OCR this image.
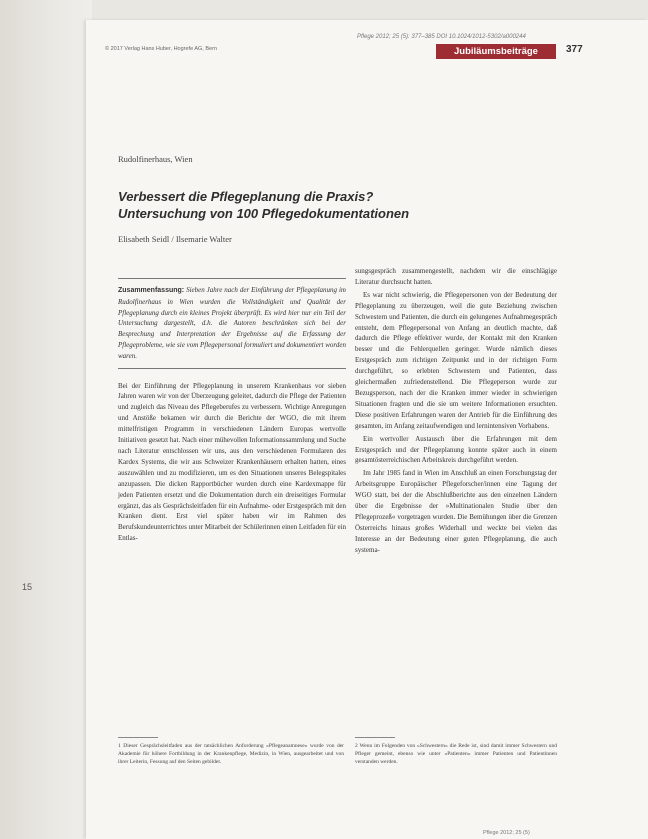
15
© 2017 Verlag Hans Huber, Hogrefe AG, Bern
Pflege 2012; 25 (5): 377–385 DOI 10.1024/1012-5302/a000244
Jubiläumsbeiträge	377
Rudolfinerhaus, Wien
Verbessert die Pflegeplanung die Praxis?
Untersuchung von 100 Pflegedokumentationen
Elisabeth Seidl / Ilsemarie Walter
Zusammenfassung: Sieben Jahre nach der Einführung der Pflegeplanung im Rudolfinerhaus in Wien wurden die Vollständigkeit und Qualität der Pflegeplanung durch ein kleines Projekt überprüft. Es wird hier nur ein Teil der Untersuchung dargestellt, d.h. die Autoren beschränken sich bei der Besprechung und Interpretation der Ergebnisse auf die Erfassung der Pflegeprobleme, wie sie vom Pflegepersonal formuliert und dokumentiert worden waren.

Bei der Einführung der Pflegeplanung in unserem Krankenhaus vor sieben Jahren waren wir von der Überzeugung geleitet, dadurch die Pflege der Patienten und zugleich das Niveau des Pflegeberufes zu verbessern. Wichtige Anregungen und Anstöße bekamen wir durch die Berichte der WGO, die mit ihrem mittelfristigen Programm in verschiedenen Ländern Europas wertvolle Initiativen gesetzt hat. Nach einer mühevollen Informationssammlung und Suche nach Literatur entschlossen wir uns, aus den verschiedenen Formularen des Kardex Systems, die wir aus Schweizer Krankenhäusern erhalten hatten, eines auszuwählen und zu modifizieren, um es den Situationen unseres Belegspitales anzupassen. Die dicken Rapportbücher wurden durch eine Kardexmappe für jeden Patienten ersetzt und die Dokumentation durch ein dreiseitiges Formular ergänzt, das als Gesprächsleitfaden für ein Aufnahme- oder Erstgespräch mit den Kranken dient. Erst viel später haben wir im Rahmen des Berufskundeunterrichtes unter Mitarbeit der Schülerinnen einen Leitfaden für ein Entlas-

sungsgespräch zusammengestellt, nachdem wir die einschlägige Literatur durchsucht hatten.

Es war nicht schwierig, die Pflegepersonen von der Bedeutung der Pflegeplanung zu überzeugen, weil die gute Beziehung zwischen Schwestern und Patienten, die durch ein gelungenes Aufnahmegespräch entsteht, dem Pflegepersonal von Anfang an deutlich machte, daß dadurch die Pflege effektiver wurde, der Kontakt mit den Kranken besser und die Fehlerquellen geringer. Wurde nämlich dieses Erstgespräch zum richtigen Zeitpunkt und in der richtigen Form durchgeführt, so erlebten Schwestern und Patienten, dass gleichermaßen zufriedenstellend. Die Pflegeperson wurde zur Bezugsperson, nach der die Kranken immer wieder in schwierigen Situationen fragten und die sie um weitere Informationen ersuchten. Diese positiven Erfahrungen waren der Antrieb für die Einführung des gesamten, im Anfang zeitaufwendigen und lernintensiven Vorhabens.

Ein wertvoller Austausch über die Erfahrungen mit dem Erstgespräch und der Pflegeplanung konnte später auch in einem gesamtösterreichischen Arbeitskreis durchgeführt werden.

Im Jahr 1985 fand in Wien im Anschluß an einen Forschungstag der Arbeitsgruppe Europäischer Pflegeforscher/innen eine Tagung der WGO statt, bei der die Abschlußberichte aus den einzelnen Ländern über die Ergebnisse der »Multinationalen Studie über den Pflegeprozeß« vorgetragen wurden. Die Bemühungen über die Grenzen Österreichs hinaus großes Widerhall und weckte bei vielen das Interesse an der Bedeutung einer guten Pflegeplanung, die auch systema-

1 Dieser Gesprächsleitfaden aus der tatsächlichen Anforderung »Pflegeanamnese« wurde von der Akademie für höhere Fortbildung in der Krankenpflege, Medizin, in Wien, ausgearbeitet und von ihrer Leiterin, Fessung auf den Seiten gebildet.
2 Wenn im Folgenden von »Schwestern« die Rede ist, sind damit immer Schwestern und Pfleger gemeint, ebenso wie unter »Patienten« immer Patienten und Patientinnen verstanden werden.
Pflege 2012; 25 (5)
